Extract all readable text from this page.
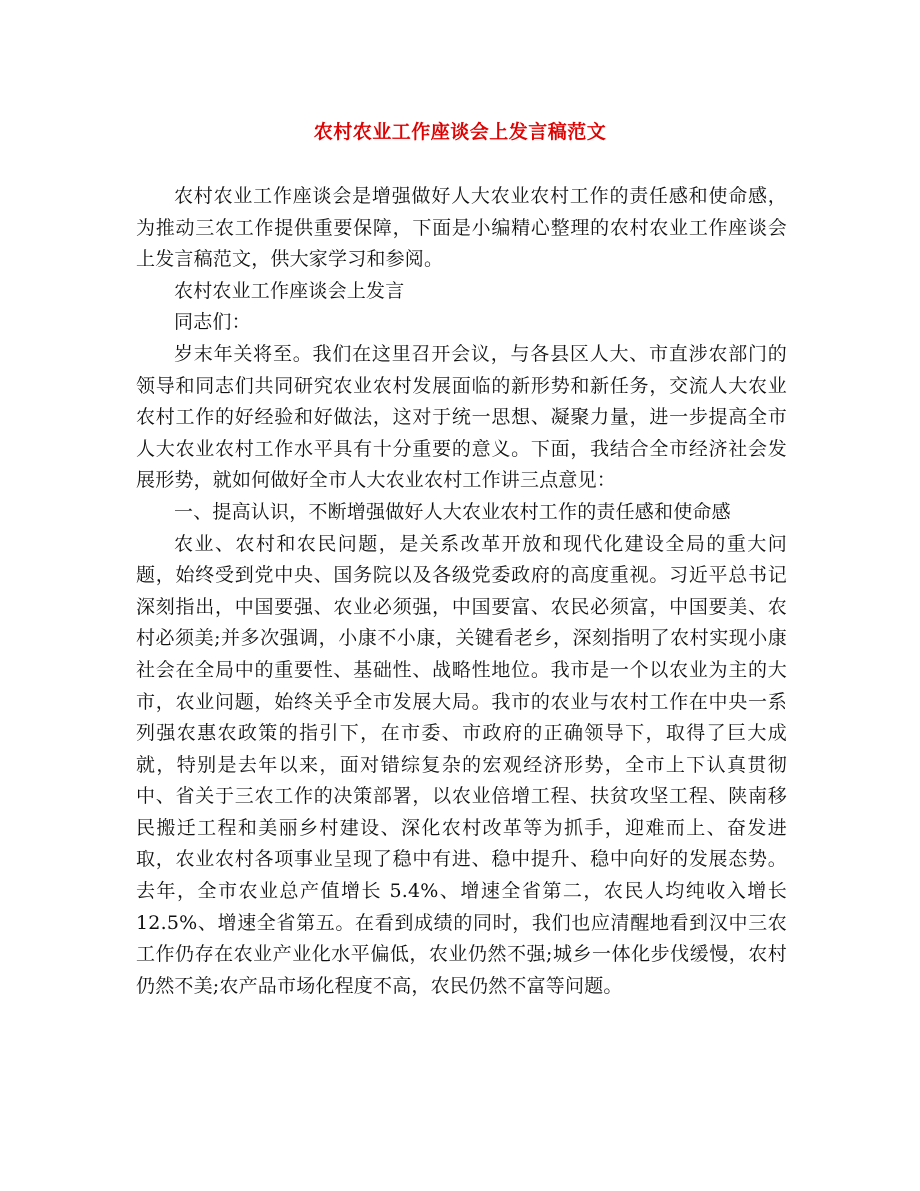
农村农业工作座谈会上发言稿范文

农村农业工作座谈会是增强做好人大农业农村工作的责任感和使命感，为推动三农工作提供重要保障，下面是小编精心整理的农村农业工作座谈会上发言稿范文，供大家学习和参阅。

农村农业工作座谈会上发言

同志们：

岁末年关将至。我们在这里召开会议，与各县区人大、市直涉农部门的领导和同志们共同研究农业农村发展面临的新形势和新任务，交流人大农业农村工作的好经验和好做法，这对于统一思想、凝聚力量，进一步提高全市人大农业农村工作水平具有十分重要的意义。下面，我结合全市经济社会发展形势，就如何做好全市人大农业农村工作讲三点意见：

一、提高认识，不断增强做好人大农业农村工作的责任感和使命感

农业、农村和农民问题，是关系改革开放和现代化建设全局的重大问题，始终受到党中央、国务院以及各级党委政府的高度重视。习近平总书记深刻指出，中国要强、农业必须强，中国要富、农民必须富，中国要美、农村必须美;并多次强调，小康不小康，关键看老乡，深刻指明了农村实现小康社会在全局中的重要性、基础性、战略性地位。我市是一个以农业为主的大市，农业问题，始终关乎全市发展大局。我市的农业与农村工作在中央一系列强农惠农政策的指引下，在市委、市政府的正确领导下，取得了巨大成就，特别是去年以来，面对错综复杂的宏观经济形势，全市上下认真贯彻中、省关于三农工作的决策部署，以农业倍增工程、扶贫攻坚工程、陕南移民搬迁工程和美丽乡村建设、深化农村改革等为抓手，迎难而上、奋发进取，农业农村各项事业呈现了稳中有进、稳中提升、稳中向好的发展态势。去年，全市农业总产值增长 5.4%、增速全省第二，农民人均纯收入增长 12.5%、增速全省第五。在看到成绩的同时，我们也应清醒地看到汉中三农工作仍存在农业产业化水平偏低，农业仍然不强;城乡一体化步伐缓慢，农村仍然不美;农产品市场化程度不高，农民仍然不富等问题。
